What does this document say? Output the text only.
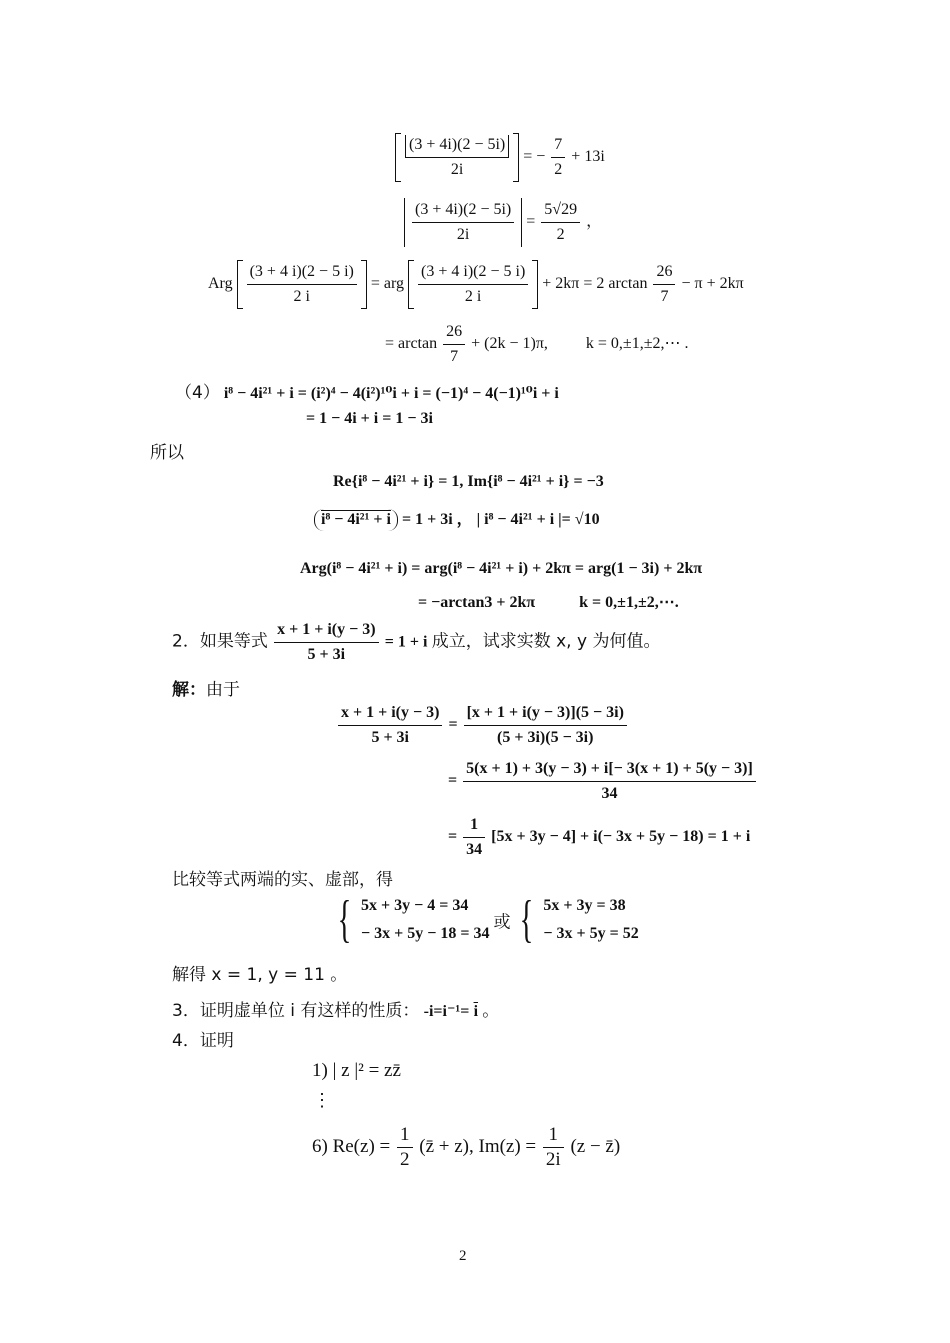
$\frac{(3 + 4i)(2 - 5i)}{2i}$ = − $\frac{7}{2} + 13i$
$\frac{(3 + 4i)(2 - 5i)}{2i} = \frac{5√29}{2}$ ，
Arg $\frac{(3 + 4 i)(2 - 5 i)}{2 i}$ = arg $\frac{(3 + 4 i)(2 - 5 i)}{2 i} + 2k\pi = 2$ $\arctan \frac{26}{7} - \pi + 2k\pi$
= $\arctan \frac{26}{7} + (2k - 1)\pi$, k = 0,±1,±2,⋯ .
（4） i⁸ − 4i²¹ + i = (i²)⁴ − 4(i²)¹⁰i + i = (−1)⁴ − 4(−1)¹⁰i + i
= 1 − 4i + i = 1 − 3i
所以
Re{i⁸ − 4i²¹ + i} = 1, Im{i⁸ − 4i²¹ + i} = −3
i⁸ − 4i²¹ + i = 1 + 3i ， | i⁸ − 4i²¹ + i |= √10
Arg(i⁸ − 4i²¹ + i) = arg(i⁸ − 4i²¹ + i) + 2kπ = arg(1 − 3i) + 2kπ
= −arctan3 + 2kπ	k = 0,±1,±2,⋯.
2．如果等式 $\frac{x + 1 + i(y - 3)}{5 + 3i} = 1 + i$ 成立，试求实数 x, y 为何值。
解：由于
$\frac{x + 1 + i(y - 3)}{5 + 3i} = \frac{[x + 1 + i(y - 3)](5 - 3i)}{(5 + 3i)(5 - 3i)}$
= $\frac{5(x + 1) + 3(y - 3) + i[- 3(x + 1) + 5(y - 3)]}{34}$
= $\frac{1}{34} [5x + 3y - 4] + i(- 3x + 5y - 18) = 1 + i$
比较等式两端的实、虚部，得
{ 5x + 3y − 4 = 34
− 3x + 5y − 18 = 34
或 { 5x + 3y = 38
− 3x + 5y = 52
解得 x = 1, y = 11 。
3．证明虚单位 i 有这样的性质： $-i=i^{-1}= \overline{i}$ 。
4．证明
1) | z |² = zz̄
⋮
6) $Re(z) = \frac{1}{2}$ (z̄ + z), $Im(z) = \frac{1}{2i} (z$ − z̄)
2
